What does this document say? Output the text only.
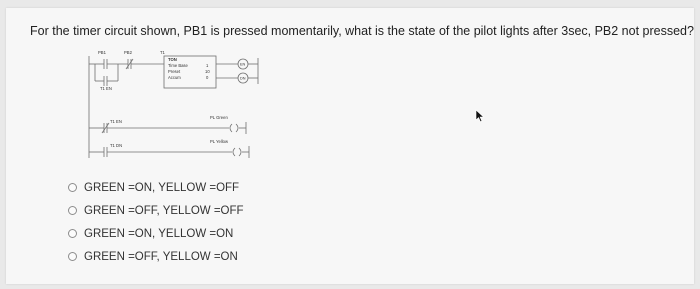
For the timer circuit shown, PB1 is pressed momentarily, what is the state of the pilot lights after 3sec, PB2 not pressed?
PB1	PB2	T1
TON
Time Base	1
Preset	10
Accum	0
EN
DN
T1 EN
T1 EN
T1 DN
PL Green
PL Yellow
GREEN =ON, YELLOW =OFF
GREEN =OFF, YELLOW =OFF
GREEN =ON, YELLOW =ON
GREEN =OFF, YELLOW =ON
